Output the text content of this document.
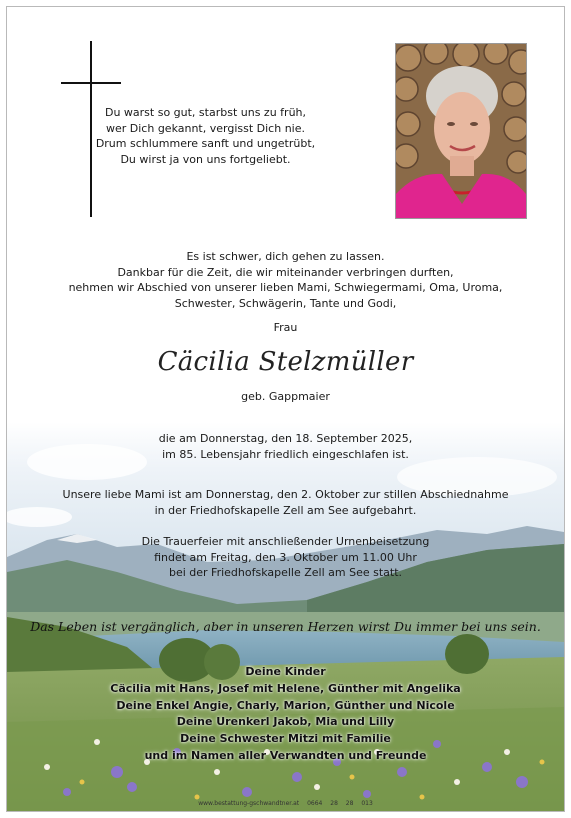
Du warst so gut, starbst uns zu früh,
wer Dich gekannt, vergisst Dich nie.
Drum schlummere sanft und ungetrübt,
Du wirst ja von uns fortgeliebt.
Es ist schwer, dich gehen zu lassen.
Dankbar für die Zeit, die wir miteinander verbringen durften,
nehmen wir Abschied von unserer lieben Mami, Schwiegermami, Oma, Uroma,
Schwester, Schwägerin, Tante und Godi,
Frau
Cäcilia Stelzmüller
geb. Gappmaier
die am Donnerstag, den 18. September 2025,
im 85. Lebensjahr friedlich eingeschlafen ist.
Unsere liebe Mami ist am Donnerstag, den 2. Oktober zur stillen Abschiednahme
in der Friedhofskapelle Zell am See aufgebahrt.
Die Trauerfeier mit anschließender Urnenbeisetzung
findet am Freitag, den 3. Oktober um 11.00 Uhr
bei der Friedhofskapelle Zell am See statt.
Das Leben ist vergänglich, aber in unseren Herzen wirst Du immer bei uns sein.
Deine Kinder
Cäcilia mit Hans, Josef mit Helene, Günther mit Angelika
Deine Enkel Angie, Charly, Marion, Günther und Nicole
Deine Urenkerl Jakob, Mia und Lilly
Deine Schwester Mitzi mit Familie
und im Namen aller Verwandten und Freunde
www.bestattung-gschwandtner.at 0664 28 28 013
